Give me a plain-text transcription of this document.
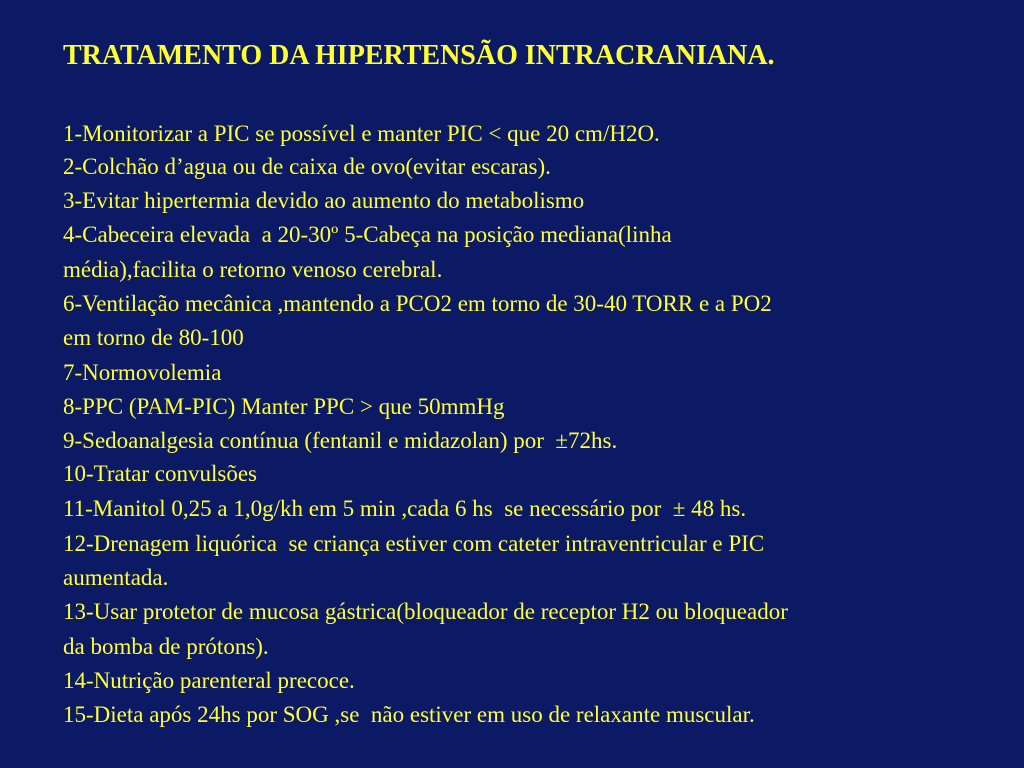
TRATAMENTO DA HIPERTENSÃO INTRACRANIANA.

1-Monitorizar a PIC se possível e manter PIC < que 20 cm/H2O.

2-Colchão d’agua ou de caixa de ovo(evitar escaras).

3-Evitar hipertermia devido ao aumento do metabolismo

4-Cabeceira elevada  a 20-30º 5-Cabeça na posição mediana(linha

média),facilita o retorno venoso cerebral.

6-Ventilação mecânica ,mantendo a PCO2 em torno de 30-40 TORR e a PO2

em torno de 80-100

7-Normovolemia

8-PPC (PAM-PIC) Manter PPC > que 50mmHg

9-Sedoanalgesia contínua (fentanil e midazolan) por  ±72hs.

10-Tratar convulsões

11-Manitol 0,25 a 1,0g/kh em 5 min ,cada 6 hs  se necessário por  ± 48 hs.

12-Drenagem liquórica  se criança estiver com cateter intraventricular e PIC

aumentada.

13-Usar protetor de mucosa gástrica(bloqueador de receptor H2 ou bloqueador

da bomba de prótons).

14-Nutrição parenteral precoce.

15-Dieta após 24hs por SOG ,se  não estiver em uso de relaxante muscular.
